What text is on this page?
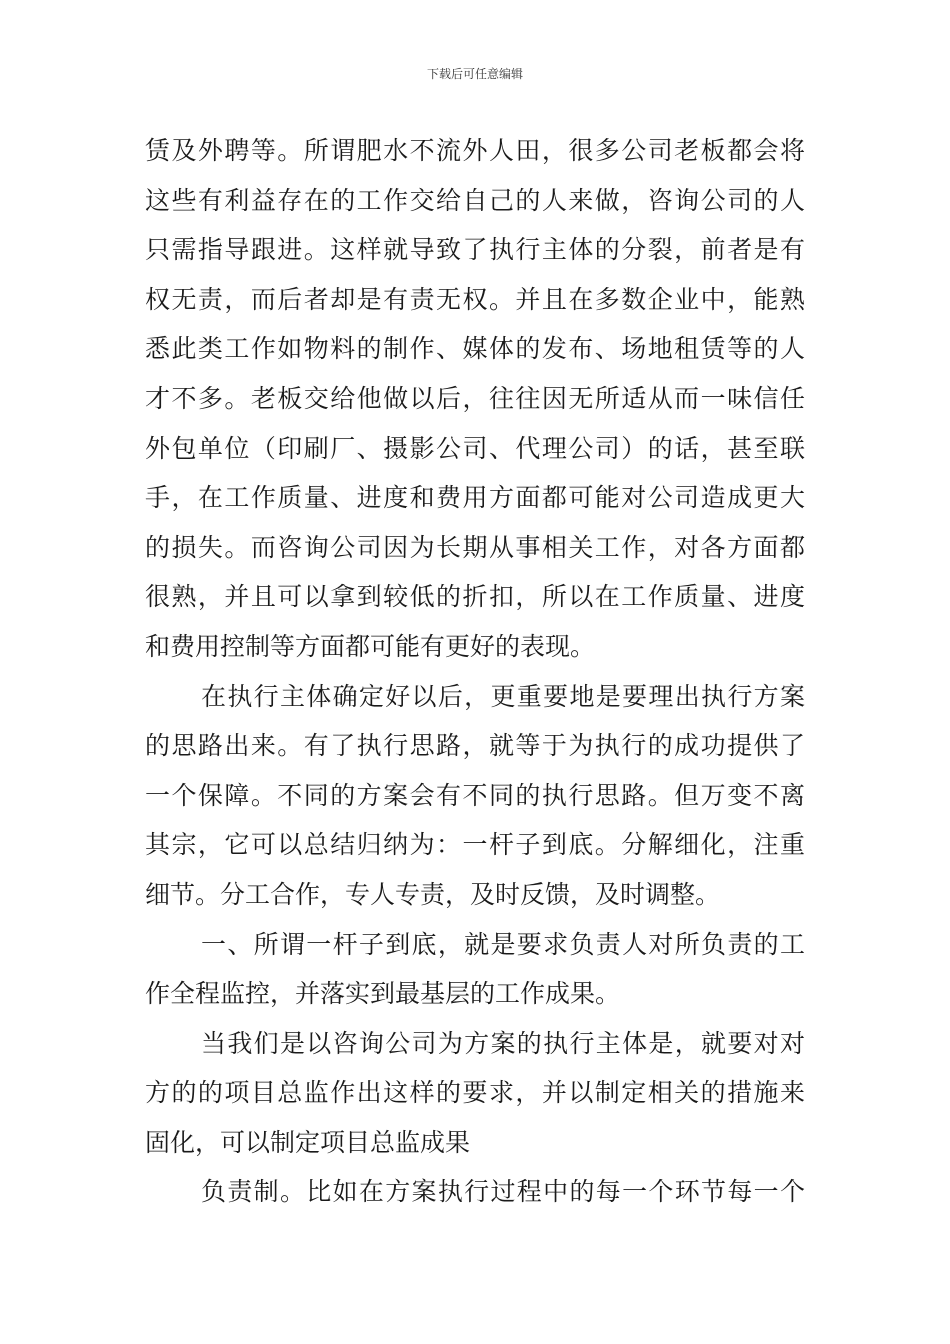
下载后可任意编辑
赁及外聘等。所谓肥水不流外人田，很多公司老板都会将
这些有利益存在的工作交给自己的人来做，咨询公司的人
只需指导跟进。这样就导致了执行主体的分裂，前者是有
权无责，而后者却是有责无权。并且在多数企业中，能熟
悉此类工作如物料的制作、媒体的发布、场地租赁等的人
才不多。老板交给他做以后，往往因无所适从而一味信任
外包单位（印刷厂、摄影公司、代理公司）的话，甚至联
手，在工作质量、进度和费用方面都可能对公司造成更大
的损失。而咨询公司因为长期从事相关工作，对各方面都
很熟，并且可以拿到较低的折扣，所以在工作质量、进度
和费用控制等方面都可能有更好的表现。
在执行主体确定好以后，更重要地是要理出执行方案
的思路出来。有了执行思路，就等于为执行的成功提供了
一个保障。不同的方案会有不同的执行思路。但万变不离
其宗，它可以总结归纳为：一杆子到底。分解细化，注重
细节。分工合作，专人专责，及时反馈，及时调整。
一、所谓一杆子到底，就是要求负责人对所负责的工
作全程监控，并落实到最基层的工作成果。
当我们是以咨询公司为方案的执行主体是，就要对对
方的的项目总监作出这样的要求，并以制定相关的措施来
固化，可以制定项目总监成果
负责制。比如在方案执行过程中的每一个环节每一个
